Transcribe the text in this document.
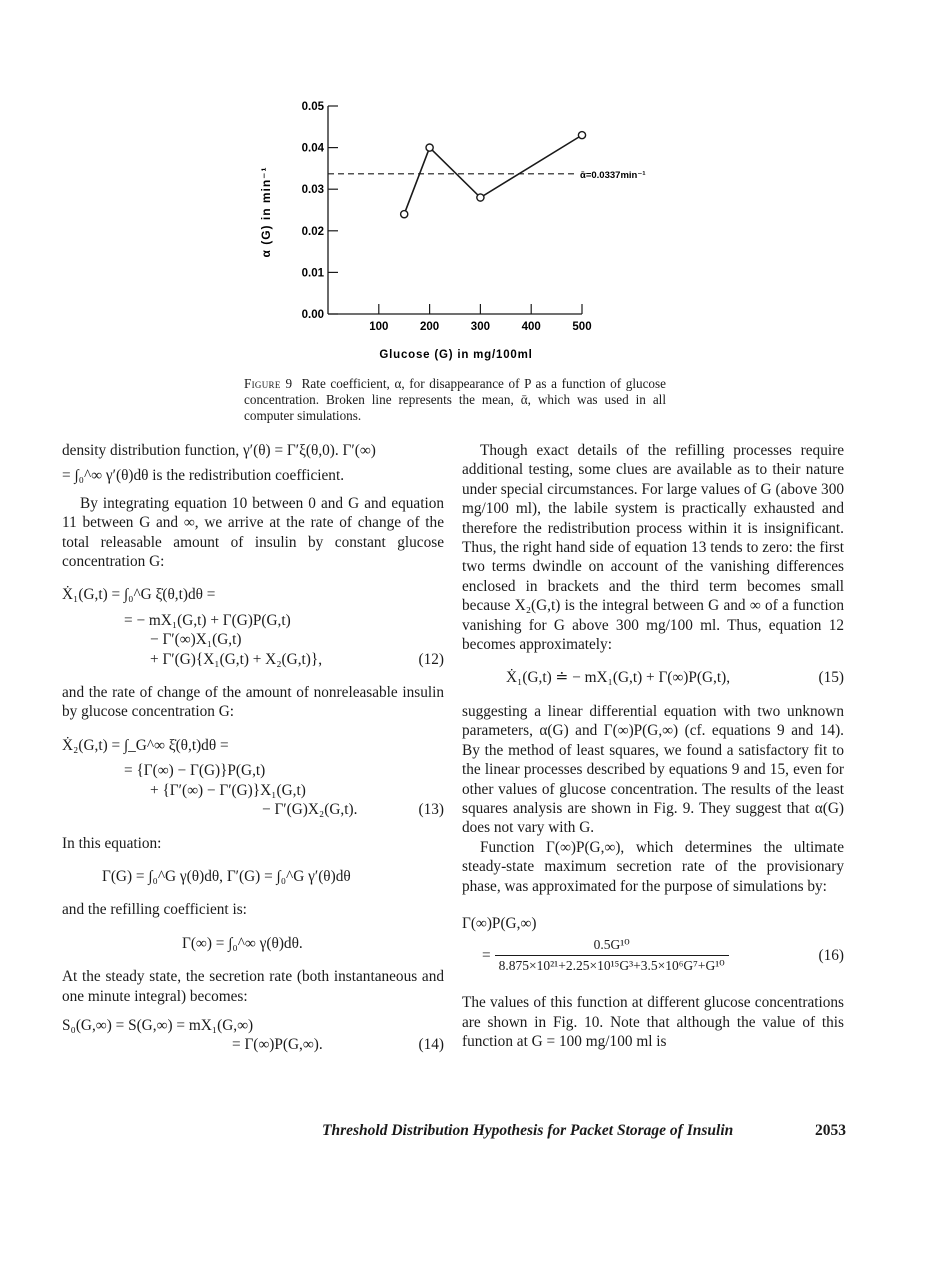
0.00
0.01
0.02
0.03
0.04
0.05
100	200	300	400	500
ᾱ=0.0337min⁻¹
Glucose (G) in mg/100ml
α (G) in min⁻¹
Figure 9 Rate coefficient, α, for disappearance of P as a function of glucose concentration. Broken line represents the mean, ᾱ, which was used in all computer simulations.

density distribution function, γ′(θ) = Γ′ξ(θ,0). Γ′(∞)
= ∫₀^∞ γ′(θ)dθ is the redistribution coefficient.

By integrating equation 10 between 0 and G and equation 11 between G and ∞, we arrive at the rate of change of the total releasable amount of insulin by constant glucose concentration G:

Ẋ₁(G,t) = ∫₀^G ξ̇(θ,t)dθ =
= − mX₁(G,t) + Γ(G)P(G,t)
− Γ′(∞)X₁(G,t)
+ Γ′(G){X₁(G,t) + X₂(G,t)},	(12)

and the rate of change of the amount of nonreleasable insulin by glucose concentration G:

Ẋ₂(G,t) = ∫_G^∞ ξ̇(θ,t)dθ =
= {Γ(∞) − Γ(G)}P(G,t)
+ {Γ′(∞) − Γ′(G)}X₁(G,t)
− Γ′(G)X₂(G,t).	(13)

In this equation:

Γ(G) = ∫₀^G γ(θ)dθ, Γ′(G) = ∫₀^G γ′(θ)dθ

and the refilling coefficient is:

Γ(∞) = ∫₀^∞ γ(θ)dθ.

At the steady state, the secretion rate (both instantaneous and one minute integral) becomes:

S₀(G,∞) = S(G,∞) = mX₁(G,∞)
= Γ(∞)P(G,∞).	(14)

Though exact details of the refilling processes require additional testing, some clues are available as to their nature under special circumstances. For large values of G (above 300 mg/100 ml), the labile system is practically exhausted and therefore the redistribution process within it is insignificant. Thus, the right hand side of equation 13 tends to zero: the first two terms dwindle on account of the vanishing differences enclosed in brackets and the third term becomes small because X₂(G,t) is the integral between G and ∞ of a function vanishing for G above 300 mg/100 ml. Thus, equation 12 becomes approximately:

Ẋ₁(G,t) ≐ − mX₁(G,t) + Γ(∞)P(G,t),	(15)

suggesting a linear differential equation with two unknown parameters, α(G) and Γ(∞)P(G,∞) (cf. equations 9 and 14). By the method of least squares, we found a satisfactory fit to the linear processes described by equations 9 and 15, even for other values of glucose concentration. The results of the least squares analysis are shown in Fig. 9. They suggest that α(G) does not vary with G.

Function Γ(∞)P(G,∞), which determines the ultimate steady-state maximum secretion rate of the provisionary phase, was approximated for the purpose of simulations by:

Γ(∞)P(G,∞)
= $\frac{\text{0.5G¹⁰}}{\text{8.875×10²¹+2.25×10¹⁵G³+3.5×10⁶G⁷+G¹⁰}}$	(16)

The values of this function at different glucose concentrations are shown in Fig. 10. Note that although the value of this function at G = 100 mg/100 ml is

Threshold Distribution Hypothesis for Packet Storage of Insulin	2053
